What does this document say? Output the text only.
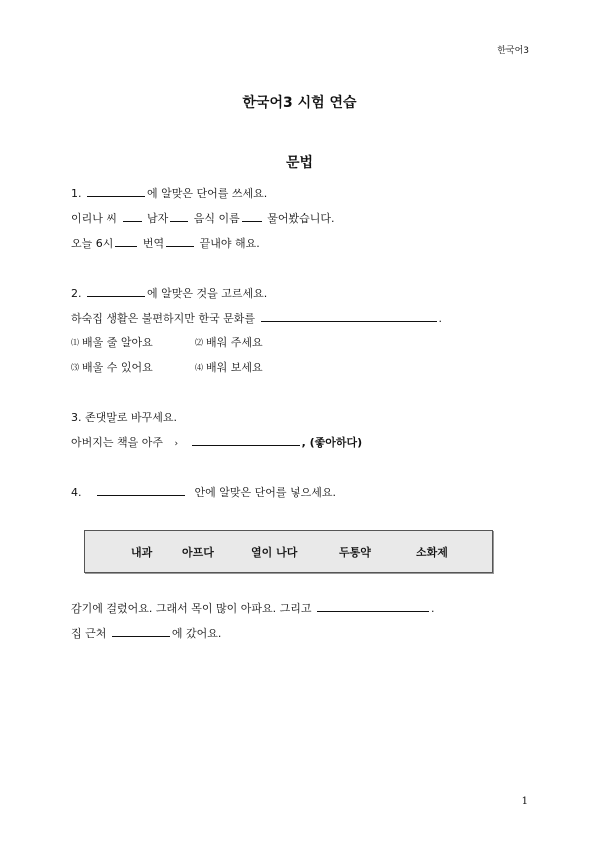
한국어3
한국어3 시험 연습
문법
1.	에 알맞은 단어를 쓰세요.
이리나 씨	남자 음식 이름	물어봤습니다.
오늘 6시	번역	끝내야 해요.
2.	에 알맞은 것을 고르세요.
하숙집 생활은 불편하지만 한국 문화를	.
⑴ 배울 줄 알아요	⑵ 배워 주세요
⑶ 배울 수 있어요	⑷ 배워 보세요
3. 존댓말로 바꾸세요.
아버지는 책을 아주 ›	, (좋아하다)
4.	안에 알맞은 단어를 넣으세요.
내과	아프다	열이 나다	두통약	소화제
감기에 걸렸어요. 그래서 목이 많이 아파요. 그리고	.
집 근처	에 갔어요.
1
